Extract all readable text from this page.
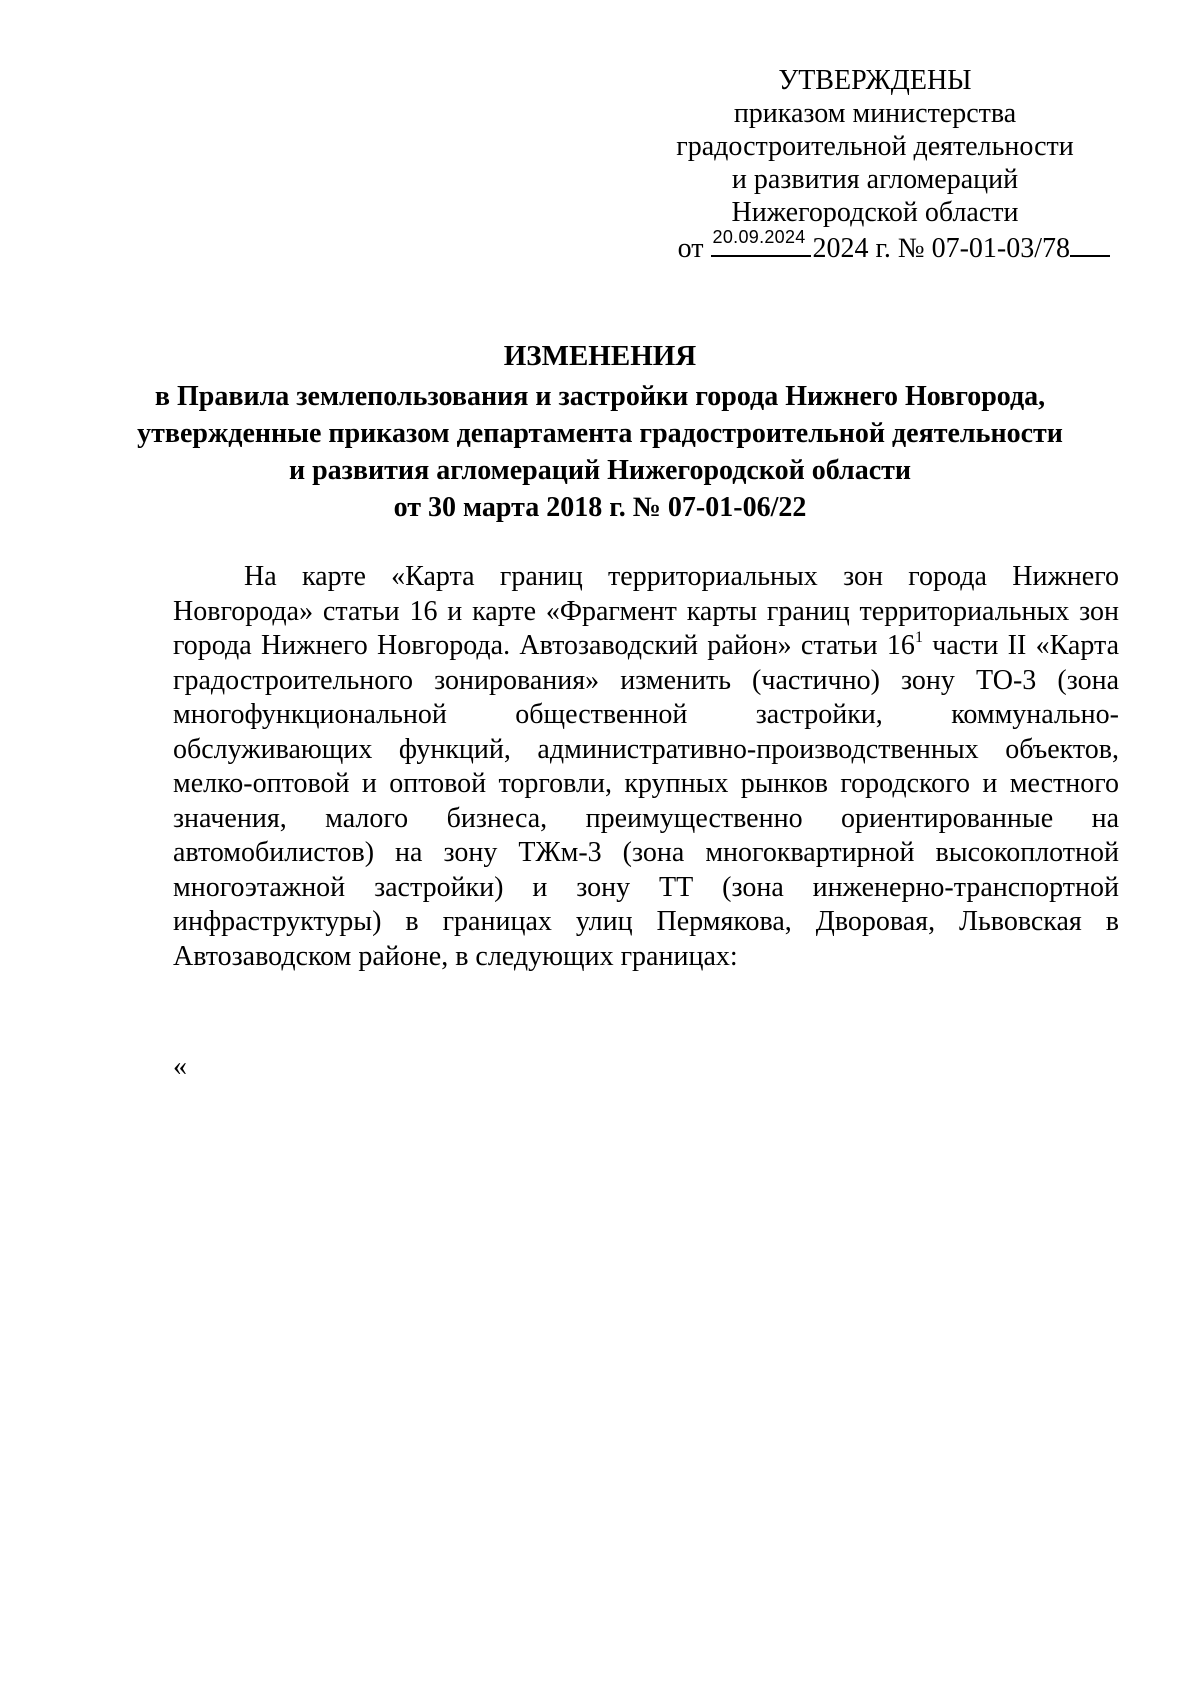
УТВЕРЖДЕНЫ
приказом министерства
градостроительной деятельности
и развития агломераций
Нижегородской области
от 20.09.2024 2024 г. № 07-01-03/78
ИЗМЕНЕНИЯ
в Правила землепользования и застройки города Нижнего Новгорода,
утвержденные приказом департамента градостроительной деятельности
и развития агломераций Нижегородской области
от 30 марта 2018 г. № 07-01-06/22
На карте «Карта границ территориальных зон города Нижнего
Новгорода» статьи 16 и карте «Фрагмент карты границ территориальных зон
города Нижнего Новгорода. Автозаводский район» статьи $16^1$ части II «Карта
градостроительного зонирования» изменить (частично) зону ТО-3 (зона
многофункциональной общественной застройки, коммунально-
обслуживающих функций, административно-производственных объектов,
мелко-оптовой и оптовой торговли, крупных рынков городского и местного
значения, малого бизнеса, преимущественно ориентированные на
автомобилистов) на зону ТЖм-3 (зона многоквартирной высокоплотной
многоэтажной застройки) и зону ТТ (зона инженерно-транспортной
инфраструктуры) в границах улиц Пермякова, Дворовая, Львовская в
Автозаводском районе, в следующих границах:
«
